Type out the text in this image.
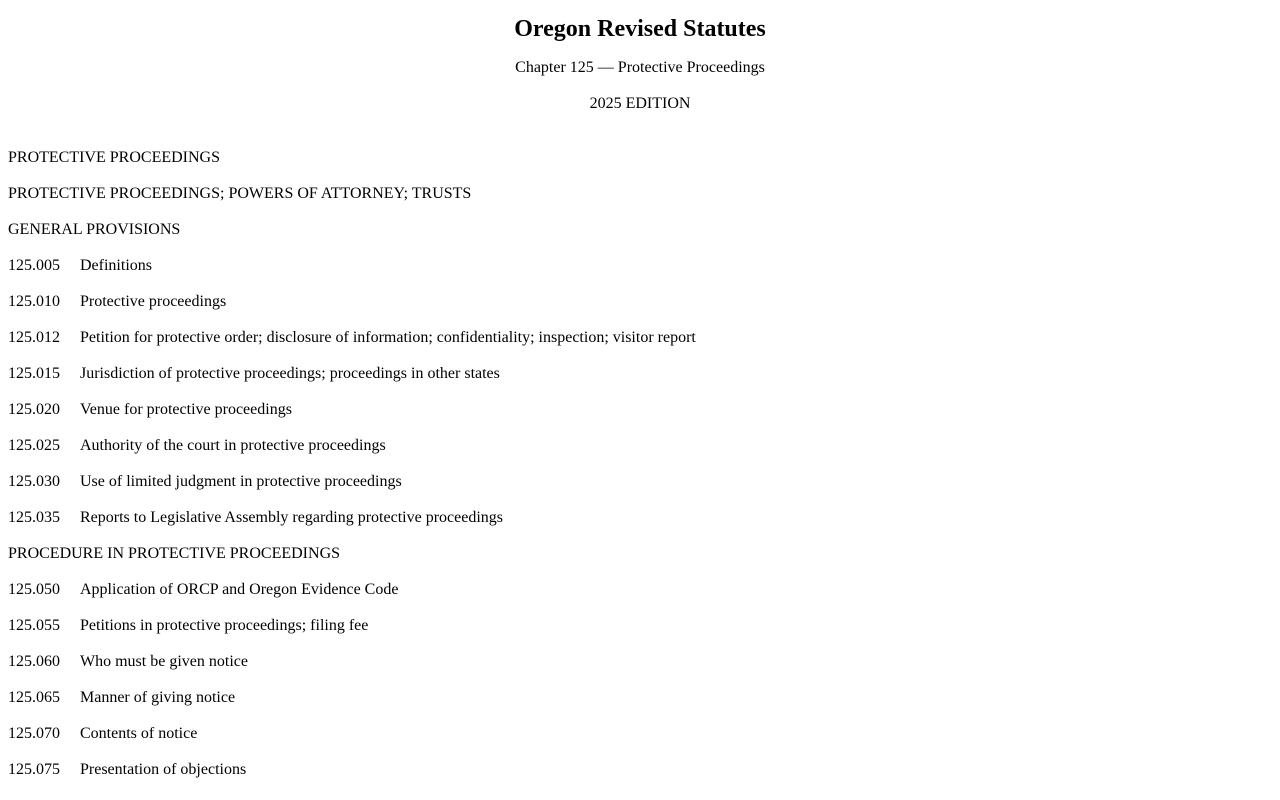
Oregon Revised Statutes
Chapter 125 — Protective Proceedings
2025 EDITION
PROTECTIVE PROCEEDINGS
PROTECTIVE PROCEEDINGS; POWERS OF ATTORNEY; TRUSTS
GENERAL PROVISIONS
125.005 Definitions
125.010 Protective proceedings
125.012 Petition for protective order; disclosure of information; confidentiality; inspection; visitor report
125.015 Jurisdiction of protective proceedings; proceedings in other states
125.020 Venue for protective proceedings
125.025 Authority of the court in protective proceedings
125.030 Use of limited judgment in protective proceedings
125.035 Reports to Legislative Assembly regarding protective proceedings
PROCEDURE IN PROTECTIVE PROCEEDINGS
125.050 Application of ORCP and Oregon Evidence Code
125.055 Petitions in protective proceedings; filing fee
125.060 Who must be given notice
125.065 Manner of giving notice
125.070 Contents of notice
125.075 Presentation of objections
